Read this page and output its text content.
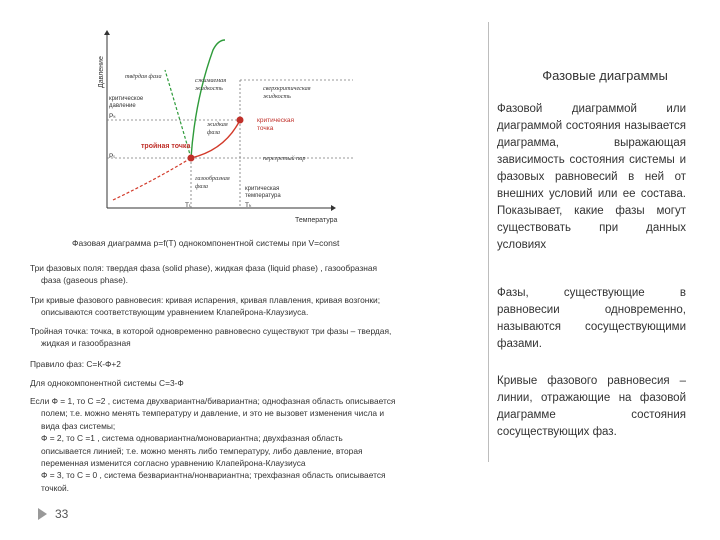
Фазовые диаграммы
Фазовой диаграммой или диаграммой состояния называется диаграмма, выражающая зависимость состояния системы и фазовых равновесий в ней от внешних условий или ее состава. Показывает, какие фазы могут существовать при данных условиях
Фазы, существующие в равновесии одновременно, называются сосуществующими фазами.
Кривые фазового равновесия – линии, отражающие на фазовой диаграмме состояния сосуществующих фаз.
Давление
Температура
твёрдая фаза
сжимаемая жидкость	сверхкритическая жидкость
критическое давление
Pₖ
жидкая фаза
критическая точка
тройная точка
Pₜ	перегретый пар
газообразная фаза
Tₜ	Tₖ
критическая температура
Фазовая диаграмма p=f(T) однокомпонентной системы при V=const
Три фазовых поля: твердая фаза (solid phase), жидкая фаза (liquid phase) , газообразная
фаза (gaseous phase).
Три кривые фазового равновесия: кривая испарения, кривая плавления, кривая возгонки;
описываются соответствующим уравнением Клапейрона-Клаузиуса.
Тройная точка: точка, в которой одновременно равновесно существуют три фазы – твердая,
жидкая и газообразная
Правило фаз: С=К-Ф+2
Для однокомпонентной системы С=3-Ф
Если Ф = 1, то С =2 , система двухвариантна/бивариантна; однофазная область описывается
полем; т.е. можно менять температуру и давление, и это не вызовет изменения числа и
вида фаз системы;
Ф = 2, то С =1 , система одновариантна/моновариантна; двухфазная область
описывается линией; т.е. можно менять либо температуру, либо давление, вторая
переменная изменится согласно уравнению Клапейрона-Клаузиуса
Ф = 3, то С = 0 , система безвариантна/нонвариантна; трехфазная область описывается
точкой.
33
